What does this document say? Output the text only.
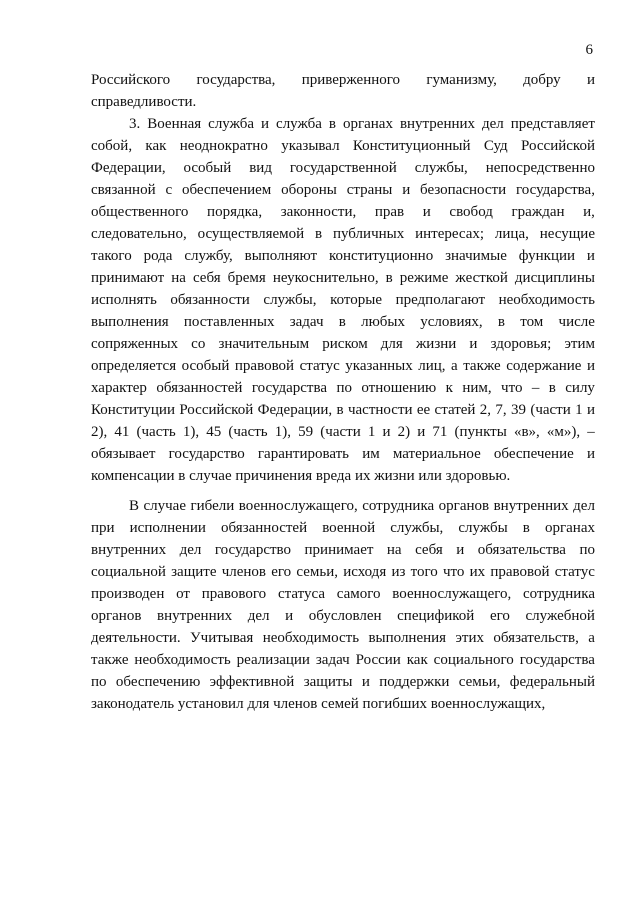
6
Российского государства, приверженного гуманизму, добру и
справедливости.
3. Военная служба и служба в органах внутренних дел представляет
собой, как неоднократно указывал Конституционный Суд Российской
Федерации, особый вид государственной службы, непосредственно
связанной с обеспечением обороны страны и безопасности государства,
общественного порядка, законности, прав и свобод граждан и,
следовательно, осуществляемой в публичных интересах; лица, несущие
такого рода службу, выполняют конституционно значимые функции и
принимают на себя бремя неукоснительно, в режиме жесткой дисциплины
исполнять обязанности службы, которые предполагают необходимость
выполнения поставленных задач в любых условиях, в том числе
сопряженных со значительным риском для жизни и здоровья; этим
определяется особый правовой статус указанных лиц, а также содержание и
характер обязанностей государства по отношению к ним, что – в силу
Конституции Российской Федерации, в частности ее статей 2, 7, 39 (части 1 и
2), 41 (часть 1), 45 (часть 1), 59 (части 1 и 2) и 71 (пункты «в», «м»), –
обязывает государство гарантировать им материальное обеспечение и
компенсации в случае причинения вреда их жизни или здоровью.
В случае гибели военнослужащего, сотрудника органов внутренних дел
при исполнении обязанностей военной службы, службы в органах
внутренних дел государство принимает на себя и обязательства по
социальной защите членов его семьи, исходя из того что их правовой статус
производен от правового статуса самого военнослужащего, сотрудника
органов внутренних дел и обусловлен спецификой его служебной
деятельности. Учитывая необходимость выполнения этих обязательств, а
также необходимость реализации задач России как социального государства
по обеспечению эффективной защиты и поддержки семьи, федеральный
законодатель установил для членов семей погибших военнослужащих,
